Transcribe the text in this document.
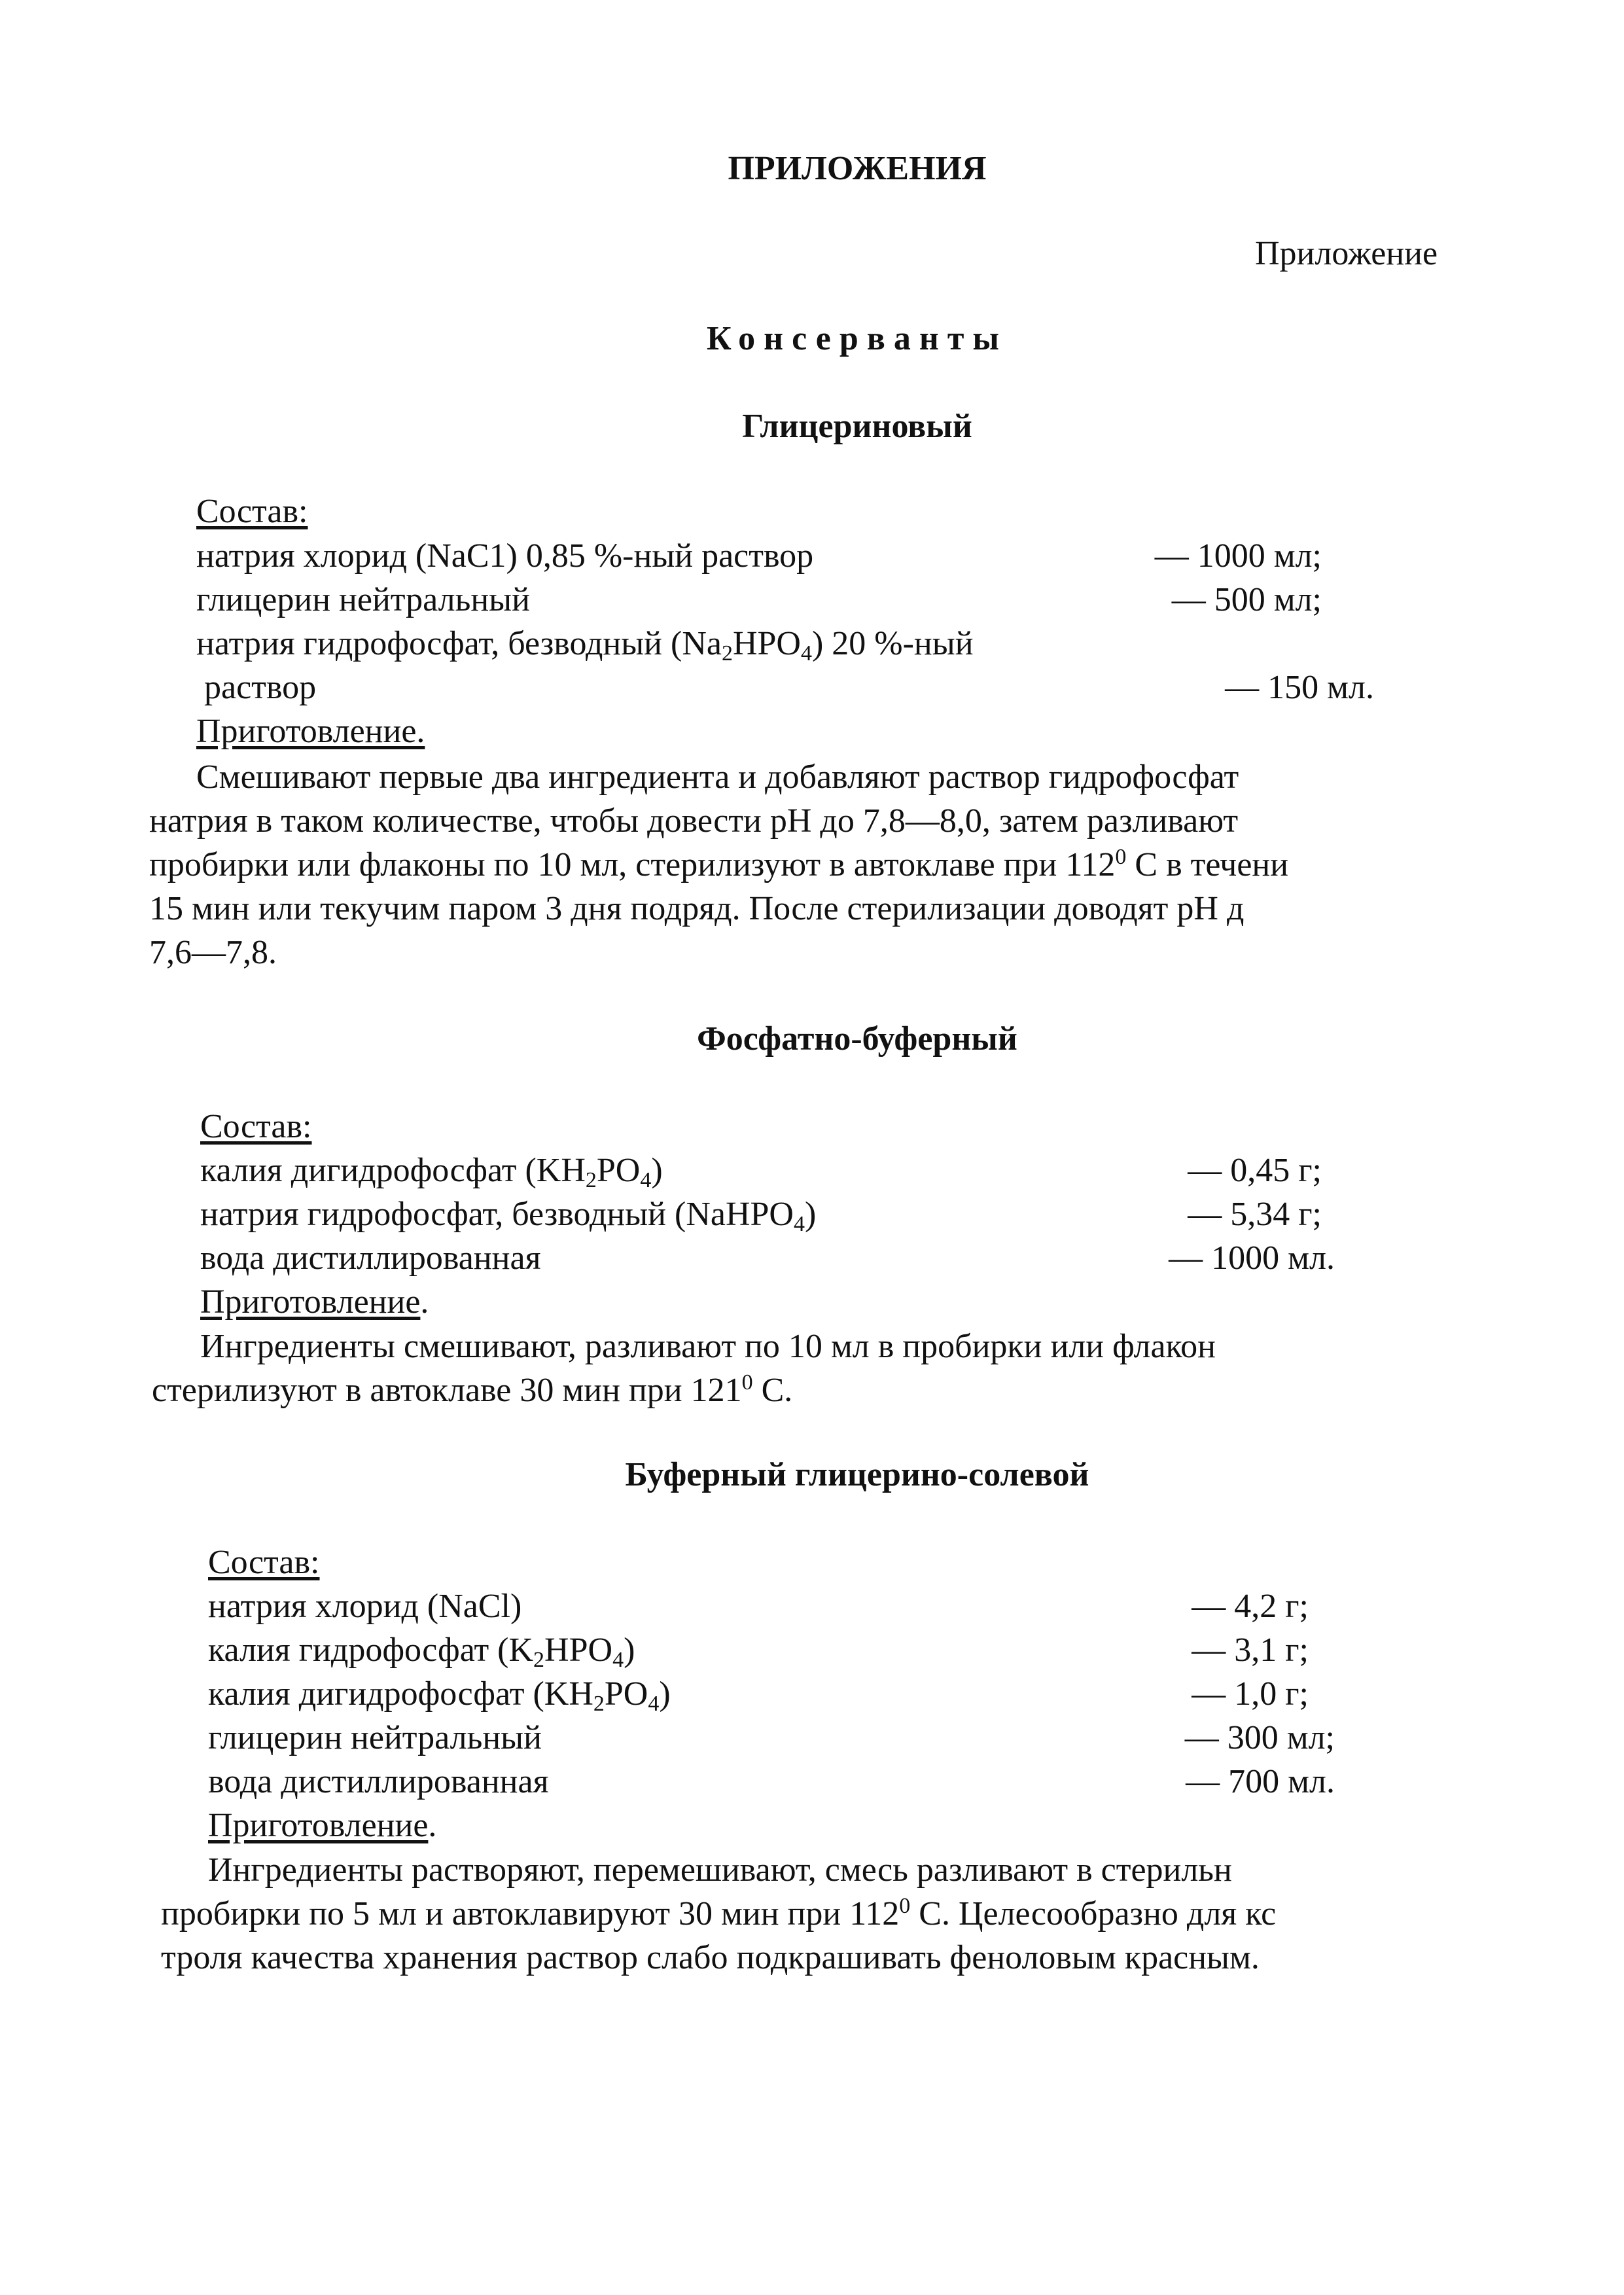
ПРИЛОЖЕНИЯ
Приложение
Консерванты
Глицериновый
Состав:
натрия хлорид (NaC1) 0,85 %-ный раствор	— 1000 мл;
глицерин нейтральный	— 500 мл;
натрия гидрофосфат, безводный $(Na_2HPO_4)$ 20 %-ный
раствор	— 150 мл.
Приготовление.
Смешивают первые два ингредиента и добавляют раствор гидрофосфат
натрия в таком количестве, чтобы довести pH до 7,8—8,0, затем разливают
пробирки или флаконы по 10 мл, стерилизуют в автоклаве при $112^0$ С в течени
15 мин или текучим паром 3 дня подряд. После стерилизации доводят pH д
7,6—7,8.
Фосфатно-буферный
Состав:
калия дигидрофосфат $(KH_2PO_4)$	— 0,45 г;
натрия гидрофосфат, безводный (NaHPO$_4$)	— 5,34 г;
вода дистиллированная	— 1000 мл.
Приготовление.
Ингредиенты смешивают, разливают по 10 мл в пробирки или флакон
стерилизуют в автоклаве 30 мин при $121^0$ С.
Буферный глицерино-солевой
Состав:
натрия хлорид (NaCl)	— 4,2 г;
калия гидрофосфат $(K_2HPO_4)$	— 3,1 г;
калия дигидрофосфат $(KH_2PO_4)$	— 1,0 г;
глицерин нейтральный	— 300 мл;
вода дистиллированная	— 700 мл.
Приготовление.
Ингредиенты растворяют, перемешивают, смесь разливают в стерильн
пробирки по 5 мл и автоклавируют 30 мин при $112^0$ С. Целесообразно для кс
троля качества хранения раствор слабо подкрашивать феноловым красным.
